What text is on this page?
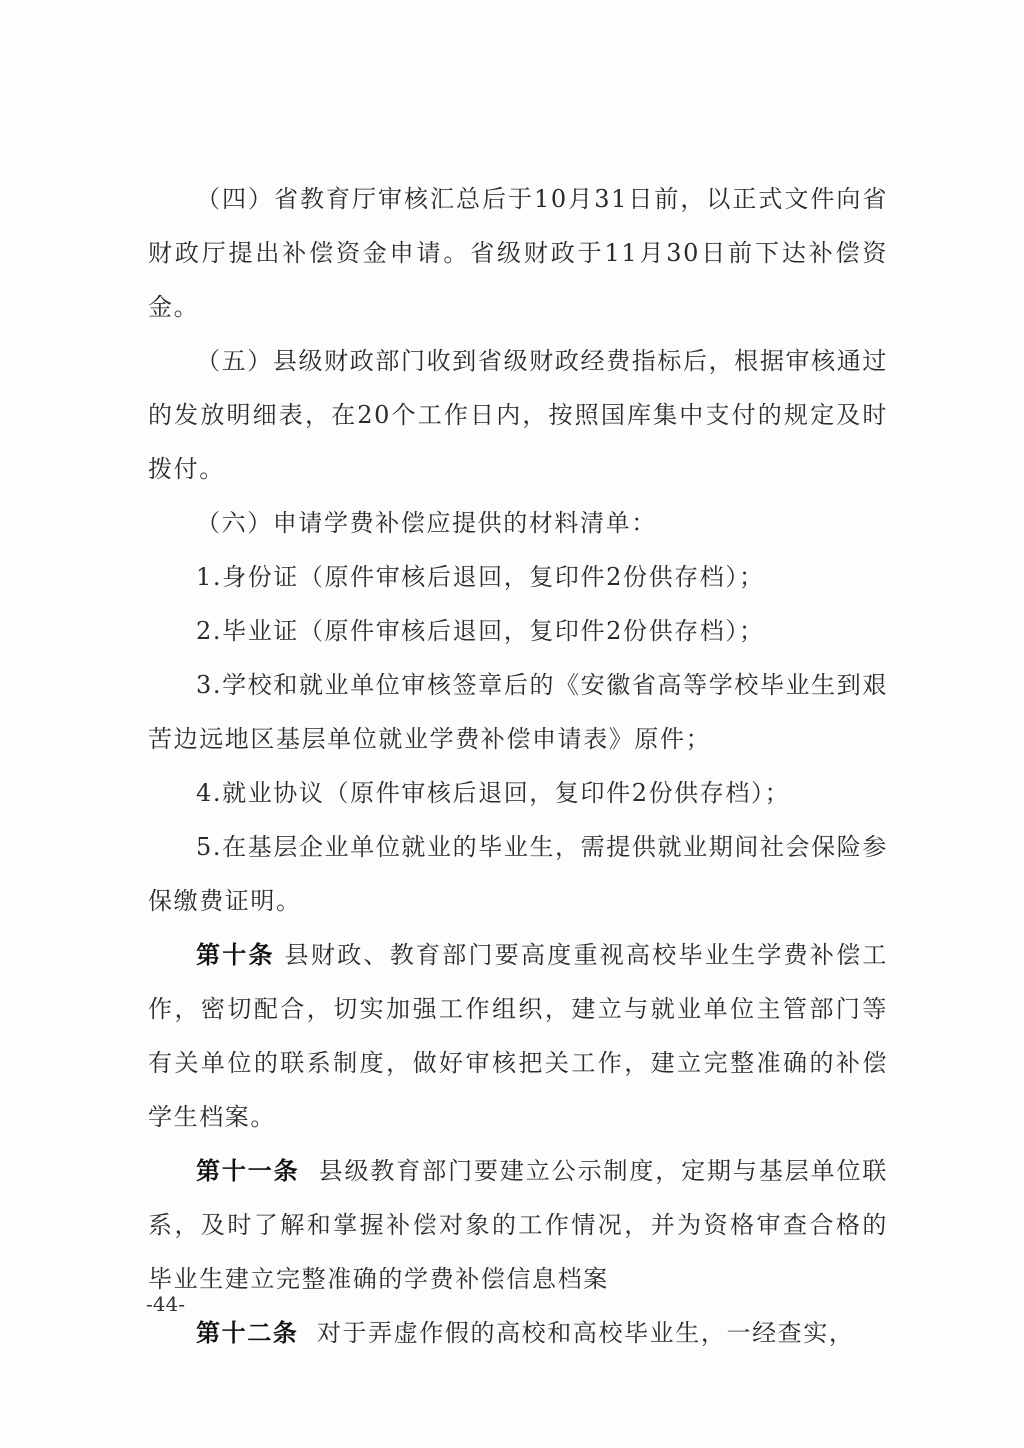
（四）省教育厅审核汇总后于10月31日前，以正式文件向省财政厅提出补偿资金申请。省级财政于11月30日前下达补偿资金。

（五）县级财政部门收到省级财政经费指标后，根据审核通过的发放明细表，在20个工作日内，按照国库集中支付的规定及时拨付。

（六）申请学费补偿应提供的材料清单：

1.身份证（原件审核后退回，复印件2份供存档）；

2.毕业证（原件审核后退回，复印件2份供存档）；

3.学校和就业单位审核签章后的《安徽省高等学校毕业生到艰苦边远地区基层单位就业学费补偿申请表》原件；

4.就业协议（原件审核后退回，复印件2份供存档）；

5.在基层企业单位就业的毕业生，需提供就业期间社会保险参保缴费证明。

第十条 县财政、教育部门要高度重视高校毕业生学费补偿工作，密切配合，切实加强工作组织，建立与就业单位主管部门等有关单位的联系制度，做好审核把关工作，建立完整准确的补偿学生档案。

第十一条  县级教育部门要建立公示制度，定期与基层单位联系，及时了解和掌握补偿对象的工作情况，并为资格审查合格的毕业生建立完整准确的学费补偿信息档案

第十二条  对于弄虚作假的高校和高校毕业生，一经查实，

-44-
